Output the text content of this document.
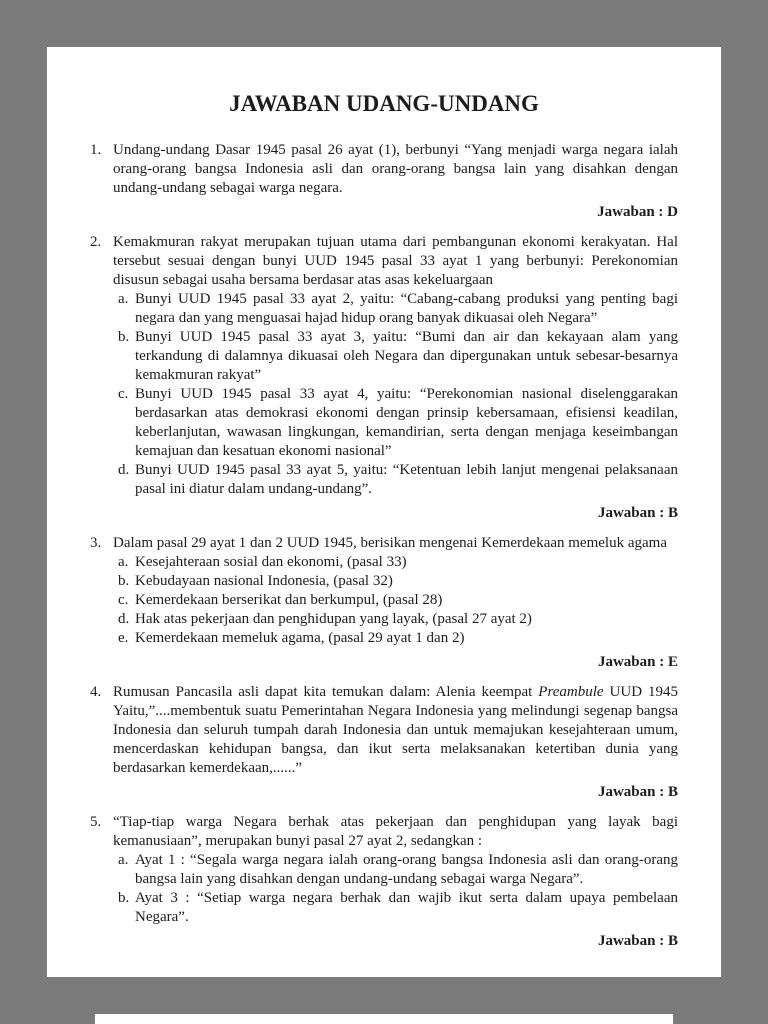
JAWABAN UDANG-UNDANG
1. Undang-undang Dasar 1945 pasal 26 ayat (1), berbunyi “Yang menjadi warga negara ialah orang-orang bangsa Indonesia asli dan orang-orang bangsa lain yang disahkan dengan undang-undang sebagai warga negara.
Jawaban : D
2. Kemakmuran rakyat merupakan tujuan utama dari pembangunan ekonomi kerakyatan. Hal tersebut sesuai dengan bunyi UUD 1945 pasal 33 ayat 1 yang berbunyi: Perekonomian disusun sebagai usaha bersama berdasar atas asas kekeluargaan
a. Bunyi UUD 1945 pasal 33 ayat 2, yaitu: “Cabang-cabang produksi yang penting bagi negara dan yang menguasai hajad hidup orang banyak dikuasai oleh Negara”
b. Bunyi UUD 1945 pasal 33 ayat 3, yaitu: “Bumi dan air dan kekayaan alam yang terkandung di dalamnya dikuasai oleh Negara dan dipergunakan untuk sebesar-besarnya kemakmuran rakyat”
c. Bunyi UUD 1945 pasal 33 ayat 4, yaitu: “Perekonomian nasional diselenggarakan berdasarkan atas demokrasi ekonomi dengan prinsip kebersamaan, efisiensi keadilan, keberlanjutan, wawasan lingkungan, kemandirian, serta dengan menjaga keseimbangan kemajuan dan kesatuan ekonomi nasional”
d. Bunyi UUD 1945 pasal 33 ayat 5, yaitu: “Ketentuan lebih lanjut mengenai pelaksanaan pasal ini diatur dalam undang-undang”.
Jawaban : B
3. Dalam pasal 29 ayat 1 dan 2 UUD 1945, berisikan mengenai Kemerdekaan memeluk agama
a. Kesejahteraan sosial dan ekonomi, (pasal 33)
b. Kebudayaan nasional Indonesia, (pasal 32)
c. Kemerdekaan berserikat dan berkumpul, (pasal 28)
d. Hak atas pekerjaan dan penghidupan yang layak, (pasal 27 ayat 2)
e. Kemerdekaan memeluk agama, (pasal 29 ayat 1 dan 2)
Jawaban : E
4. Rumusan Pancasila asli dapat kita temukan dalam: Alenia keempat Preambule UUD 1945 Yaitu,”....membentuk suatu Pemerintahan Negara Indonesia yang melindungi segenap bangsa Indonesia dan seluruh tumpah darah Indonesia dan untuk memajukan kesejahteraan umum, mencerdaskan kehidupan bangsa, dan ikut serta melaksanakan ketertiban dunia yang berdasarkan kemerdekaan,......”
Jawaban : B
5. “Tiap-tiap warga Negara berhak atas pekerjaan dan penghidupan yang layak bagi kemanusiaan”, merupakan bunyi pasal 27 ayat 2, sedangkan :
a. Ayat 1 : “Segala warga negara ialah orang-orang bangsa Indonesia asli dan orang-orang bangsa lain yang disahkan dengan undang-undang sebagai warga Negara”.
b. Ayat 3 : “Setiap warga negara berhak dan wajib ikut serta dalam upaya pembelaan Negara”.
Jawaban : B
